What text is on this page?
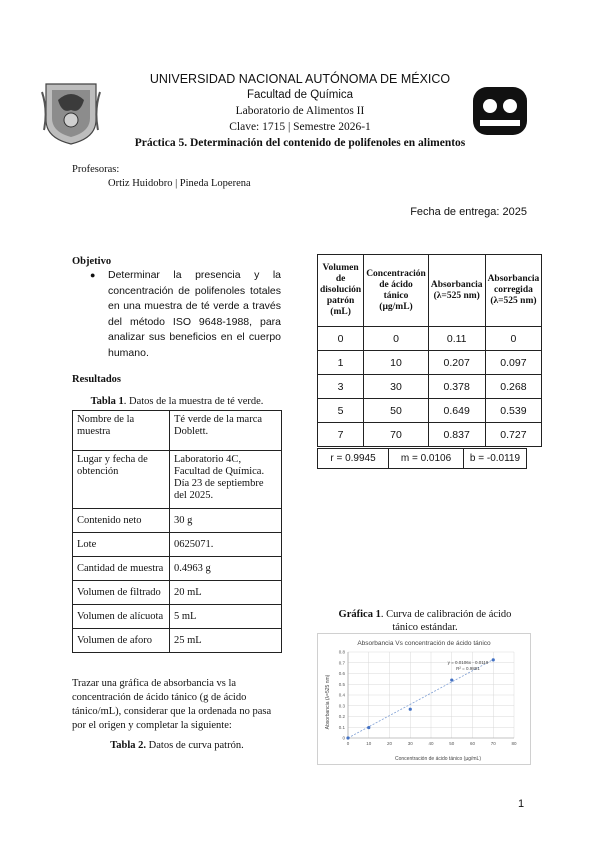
UNIVERSIDAD NACIONAL AUTÓNOMA DE MÉXICO
Facultad de Química
Laboratorio de Alimentos II
Clave: 1715 | Semestre 2026-1
Práctica 5. Determinación del contenido de polifenoles en alimentos
Profesoras:
Ortiz Huidobro | Pineda Loperena
Fecha de entrega: 2025
Objetivo
● Determinar la presencia y la concentración de polifenoles totales en una muestra de té verde a través del método ISO 9648-1988, para analizar sus beneficios en el cuerpo humano.
Resultados
Tabla 1. Datos de la muestra de té verde.
Nombre de la muestra	Té verde de la marca Doblett.
Lugar y fecha de obtención	Laboratorio 4C, Facultad de Química. Día 23 de septiembre del 2025.
Contenido neto	30 g
Lote	0625071.
Cantidad de muestra	0.4963 g
Volumen de filtrado	20 mL
Volumen de alícuota	5 mL
Volumen de aforo	25 mL
Trazar una gráfica de absorbancia vs la concentración de ácido tánico (g de ácido tánico/mL), considerar que la ordenada no pasa por el origen y completar la siguiente:
Tabla 2. Datos de curva patrón.
Volumen de disolución patrón (mL)	Concentración de ácido tánico (µg/mL)	Absorbancia (λ=525 nm)	Absorbancia corregida (λ=525 nm)
0	0	0.11	0
1	10	0.207	0.097
3	30	0.378	0.268
5	50	0.649	0.539
7	70	0.837	0.727
r = 0.9945	m = 0.0106	b = -0.0119
Gráfica 1. Curva de calibración de ácido tánico estándar.
Absorbancia Vs concentración de ácido tánico
0
0.1
0.2
0.3
0.4
0.5
0.6
0.7
0.8
0	10	20	30	40	50	60	70	80
y = 0.0106x - 0.0119
R² = 0.9891
Concentración de ácido tánico (µg/mL)
Absorbancia (λ=525 nm)
1
